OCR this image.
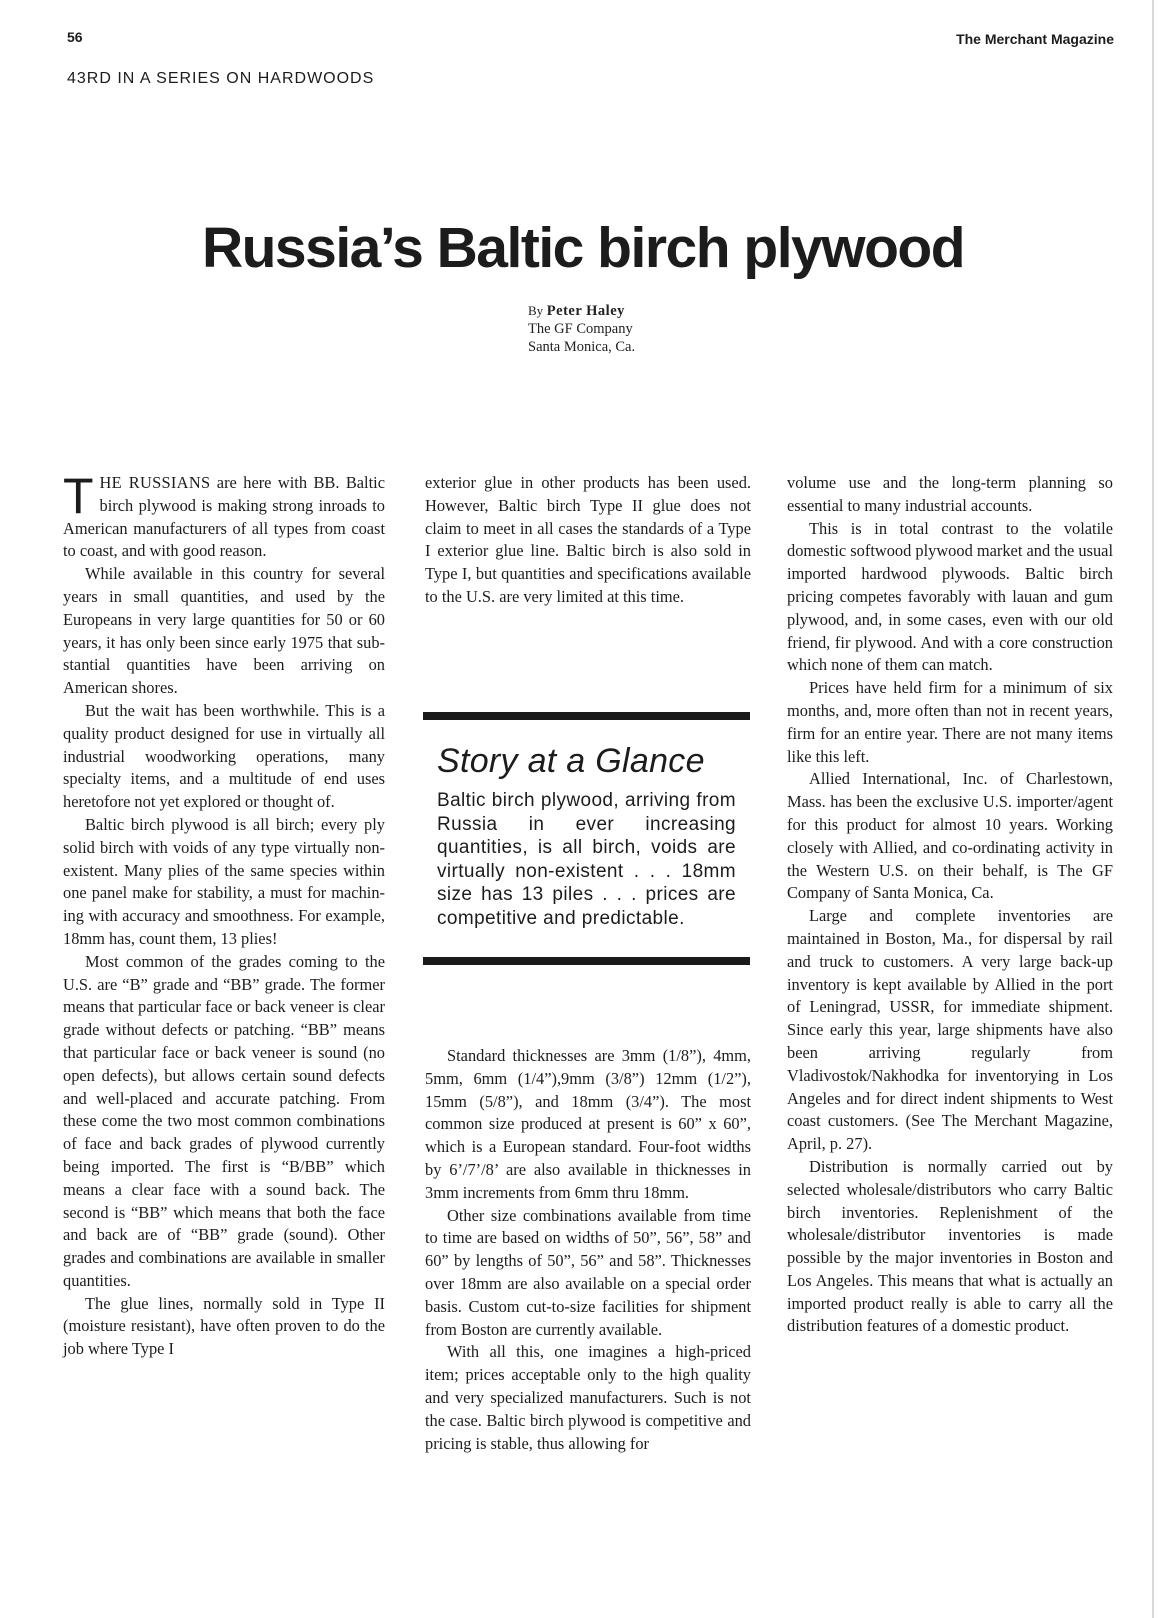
56	The Merchant Magazine
43RD IN A SERIES ON HARDWOODS
Russia’s Baltic birch plywood
By Peter Haley
The GF Company
Santa Monica, Ca.

THE RUSSIANS are here with BB. Baltic birch plywood is making strong inroads to American manufacturers of all types from coast to coast, and with good reason.

While available in this country for several years in small quantities, and used by the Europeans in very large quantities for 50 or 60 years, it has only been since early 1975 that substantial quantities have been arriving on American shores.

But the wait has been worthwhile. This is a quality product designed for use in virtually all industrial woodworking operations, many specialty items, and a multitude of end uses heretofore not yet explored or thought of.

Baltic birch plywood is all birch; every ply solid birch with voids of any type virtually non-existent. Many plies of the same species within one panel make for stability, a must for machining with accuracy and smoothness. For example, 18mm has, count them, 13 plies!

Most common of the grades coming to the U.S. are “B” grade and “BB” grade. The former means that particular face or back veneer is clear grade without defects or patching. “BB” means that particular face or back veneer is sound (no open defects), but allows certain sound defects and well-placed and accurate patching. From these come the two most common combinations of face and back grades of plywood currently being imported. The first is “B/BB” which means a clear face with a sound back. The second is “BB” which means that both the face and back are of “BB” grade (sound). Other grades and combinations are available in smaller quantities.

The glue lines, normally sold in Type II (moisture resistant), have often proven to do the job where Type I

exterior glue in other products has been used. However, Baltic birch Type II glue does not claim to meet in all cases the standards of a Type I exterior glue line. Baltic birch is also sold in Type I, but quantities and specifications available to the U.S. are very limited at this time.

Story at a Glance
Baltic birch plywood, arriving from Russia in ever increasing quantities, is all birch, voids are virtually non-existent . . . 18mm size has 13 piles . . . prices are competitive and predictable.

Standard thicknesses are 3mm (1/8”), 4mm, 5mm, 6mm (1/4”),9mm (3/8”) 12mm (1/2”), 15mm (5/8”), and 18mm (3/4”). The most common size produced at present is 60” x 60”, which is a European standard. Four-foot widths by 6’/7’/8’ are also available in thicknesses in 3mm increments from 6mm thru 18mm.

Other size combinations available from time to time are based on widths of 50”, 56”, 58” and 60” by lengths of 50”, 56” and 58”. Thicknesses over 18mm are also available on a special order basis. Custom cut-to-size facilities for shipment from Boston are currently available.

With all this, one imagines a high-priced item; prices acceptable only to the high quality and very specialized manufacturers. Such is not the case. Baltic birch plywood is competitive and pricing is stable, thus allowing for

volume use and the long-term planning so essential to many industrial accounts.

This is in total contrast to the volatile domestic softwood plywood market and the usual imported hardwood plywoods. Baltic birch pricing competes favorably with lauan and gum plywood, and, in some cases, even with our old friend, fir plywood. And with a core construction which none of them can match.

Prices have held firm for a minimum of six months, and, more often than not in recent years, firm for an entire year. There are not many items like this left.

Allied International, Inc. of Charlestown, Mass. has been the exclusive U.S. importer/agent for this product for almost 10 years. Working closely with Allied, and co-ordinating activity in the Western U.S. on their behalf, is The GF Company of Santa Monica, Ca.

Large and complete inventories are maintained in Boston, Ma., for dispersal by rail and truck to customers. A very large back-up inventory is kept available by Allied in the port of Leningrad, USSR, for immediate shipment. Since early this year, large shipments have also been arriving regularly from Vladivostok/Nakhodka for inventorying in Los Angeles and for direct indent shipments to West coast customers. (See The Merchant Magazine, April, p. 27).

Distribution is normally carried out by selected wholesale/distributors who carry Baltic birch inventories. Replenishment of the wholesale/distributor inventories is made possible by the major inventories in Boston and Los Angeles. This means that what is actually an imported product really is able to carry all the distribution features of a domestic product.
